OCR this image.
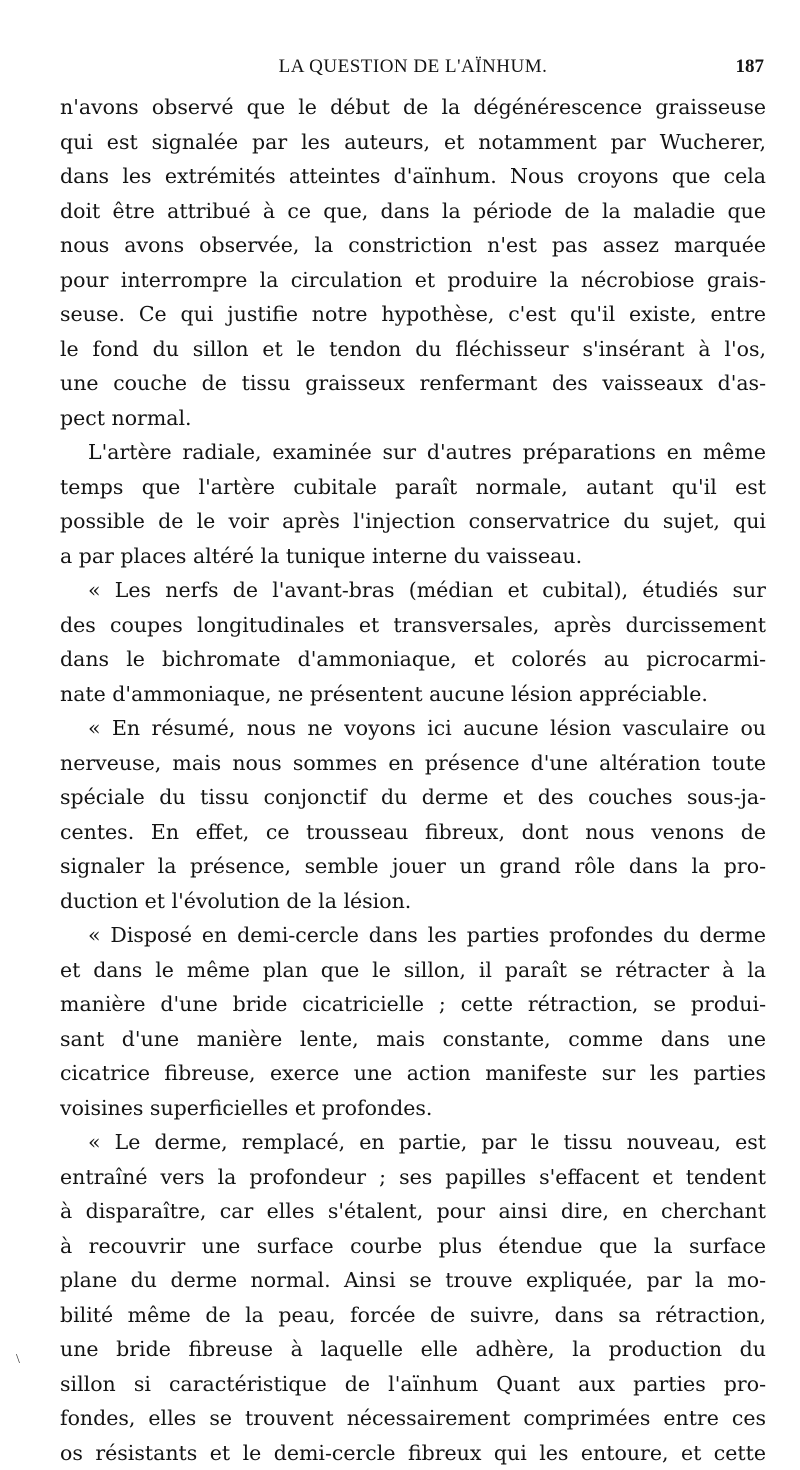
LA QUESTION DE L'AÏNHUM.	187
n'avons observé que le début de la dégénérescence graisseuse
qui est signalée par les auteurs, et notamment par Wucherer,
dans les extrémités atteintes d'aïnhum. Nous croyons que cela
doit être attribué à ce que, dans la période de la maladie que
nous avons observée, la constriction n'est pas assez marquée
pour interrompre la circulation et produire la nécrobiose grais-
seuse. Ce qui justifie notre hypothèse, c'est qu'il existe, entre
le fond du sillon et le tendon du fléchisseur s'insérant à l'os,
une couche de tissu graisseux renfermant des vaisseaux d'as-
pect normal.
L'artère radiale, examinée sur d'autres préparations en même
temps que l'artère cubitale paraît normale, autant qu'il est
possible de le voir après l'injection conservatrice du sujet, qui
a par places altéré la tunique interne du vaisseau.
« Les nerfs de l'avant-bras (médian et cubital), étudiés sur
des coupes longitudinales et transversales, après durcissement
dans le bichromate d'ammoniaque, et colorés au picrocarmi-
nate d'ammoniaque, ne présentent aucune lésion appréciable.
« En résumé, nous ne voyons ici aucune lésion vasculaire ou
nerveuse, mais nous sommes en présence d'une altération toute
spéciale du tissu conjonctif du derme et des couches sous-ja-
centes. En effet, ce trousseau fibreux, dont nous venons de
signaler la présence, semble jouer un grand rôle dans la pro-
duction et l'évolution de la lésion.
« Disposé en demi-cercle dans les parties profondes du derme
et dans le même plan que le sillon, il paraît se rétracter à la
manière d'une bride cicatricielle ; cette rétraction, se produi-
sant d'une manière lente, mais constante, comme dans une
cicatrice fibreuse, exerce une action manifeste sur les parties
voisines superficielles et profondes.
« Le derme, remplacé, en partie, par le tissu nouveau, est
entraîné vers la profondeur ; ses papilles s'effacent et tendent
à disparaître, car elles s'étalent, pour ainsi dire, en cherchant
à recouvrir une surface courbe plus étendue que la surface
plane du derme normal. Ainsi se trouve expliquée, par la mo-
bilité même de la peau, forcée de suivre, dans sa rétraction,
une bride fibreuse à laquelle elle adhère, la production du
sillon si caractéristique de l'aïnhum Quant aux parties pro-
fondes, elles se trouvent nécessairement comprimées entre ces
os résistants et le demi-cercle fibreux qui les entoure, et cette
\
